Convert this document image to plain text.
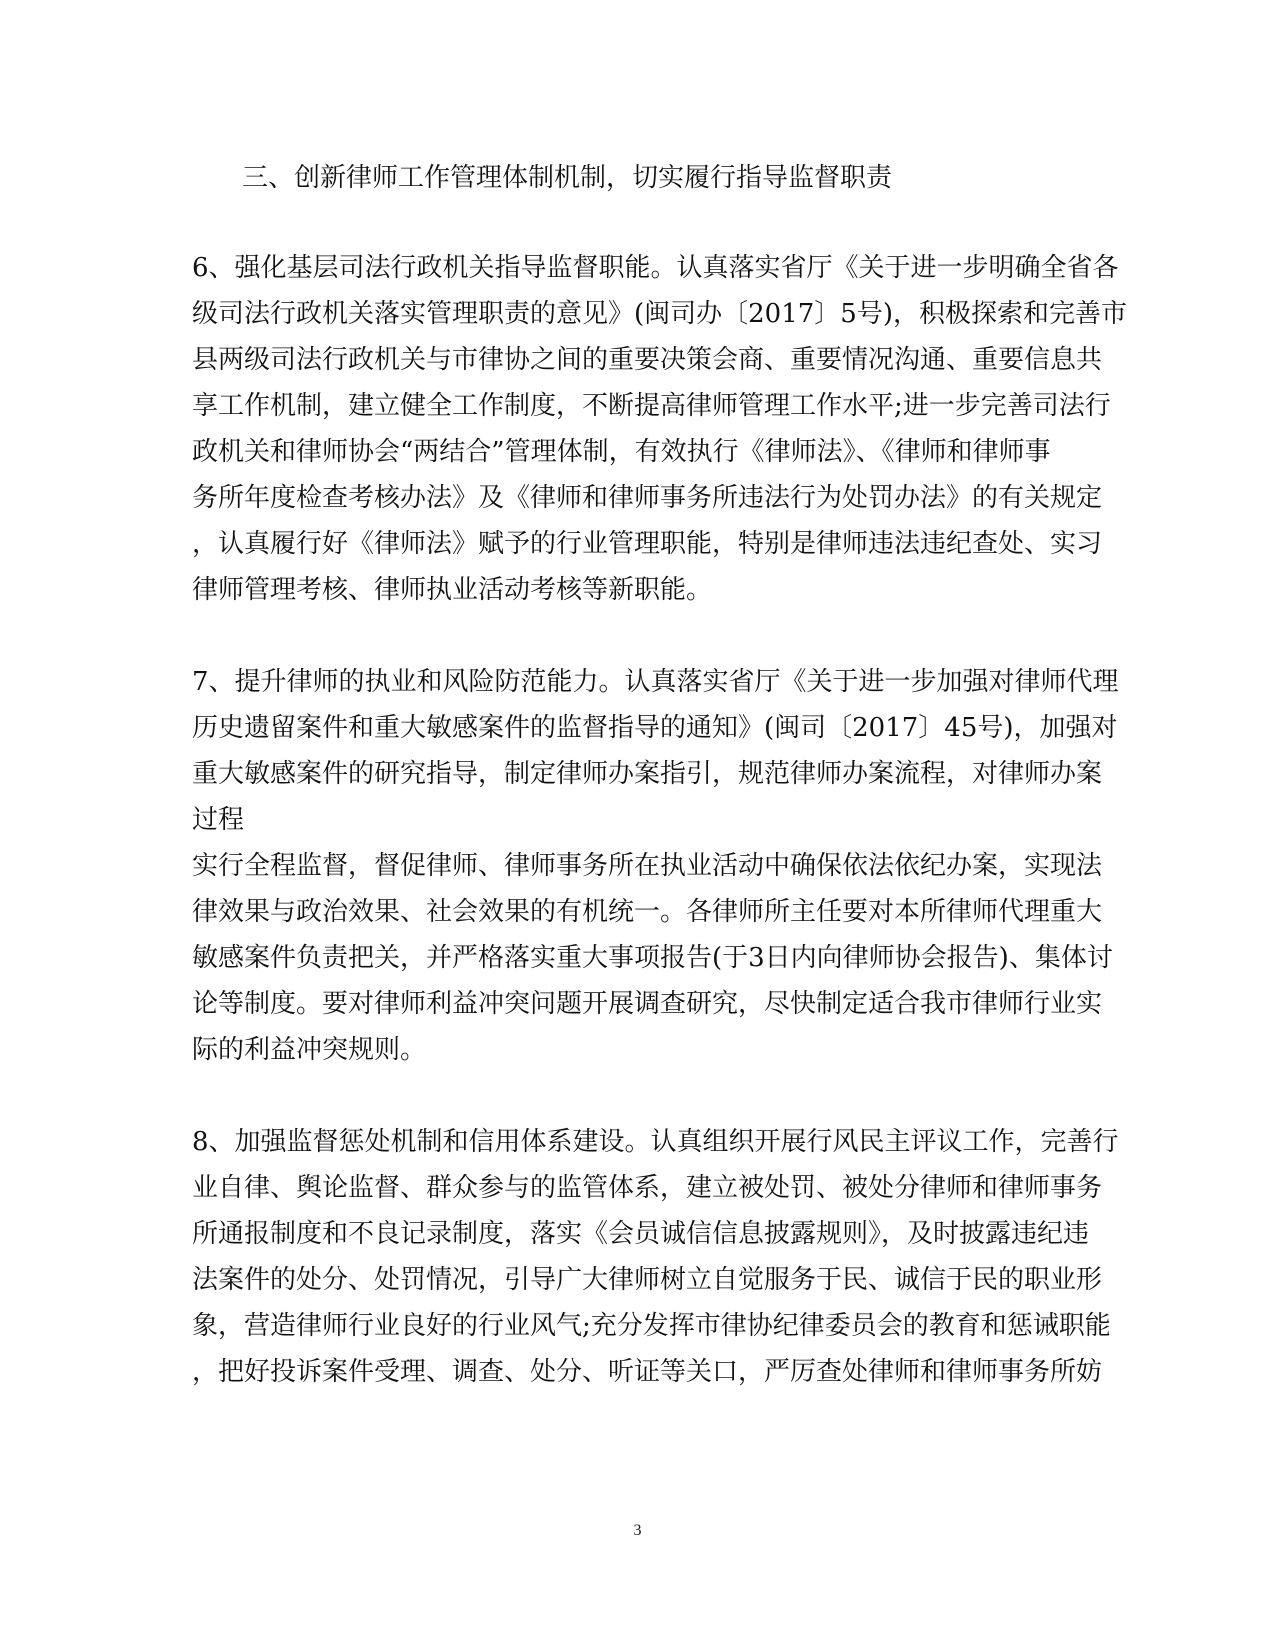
三、创新律师工作管理体制机制，切实履行指导监督职责
6、强化基层司法行政机关指导监督职能。认真落实省厅《关于进一步明确全省各
级司法行政机关落实管理职责的意见》(闽司办〔2017〕5号)，积极探索和完善市
县两级司法行政机关与市律协之间的重要决策会商、重要情况沟通、重要信息共
享工作机制，建立健全工作制度，不断提高律师管理工作水平;进一步完善司法行
政机关和律师协会“两结合”管理体制，有效执行《律师法》、《律师和律师事
务所年度检查考核办法》及《律师和律师事务所违法行为处罚办法》的有关规定
，认真履行好《律师法》赋予的行业管理职能，特别是律师违法违纪查处、实习
律师管理考核、律师执业活动考核等新职能。
7、提升律师的执业和风险防范能力。认真落实省厅《关于进一步加强对律师代理
历史遗留案件和重大敏感案件的监督指导的通知》(闽司〔2017〕45号)，加强对
重大敏感案件的研究指导，制定律师办案指引，规范律师办案流程，对律师办案
过程
实行全程监督，督促律师、律师事务所在执业活动中确保依法依纪办案，实现法
律效果与政治效果、社会效果的有机统一。各律师所主任要对本所律师代理重大
敏感案件负责把关，并严格落实重大事项报告(于3日内向律师协会报告)、集体讨
论等制度。要对律师利益冲突问题开展调查研究，尽快制定适合我市律师行业实
际的利益冲突规则。
8、加强监督惩处机制和信用体系建设。认真组织开展行风民主评议工作，完善行
业自律、舆论监督、群众参与的监管体系，建立被处罚、被处分律师和律师事务
所通报制度和不良记录制度，落实《会员诚信信息披露规则》，及时披露违纪违
法案件的处分、处罚情况，引导广大律师树立自觉服务于民、诚信于民的职业形
象，营造律师行业良好的行业风气;充分发挥市律协纪律委员会的教育和惩诫职能
，把好投诉案件受理、调查、处分、听证等关口，严厉查处律师和律师事务所妨
3
